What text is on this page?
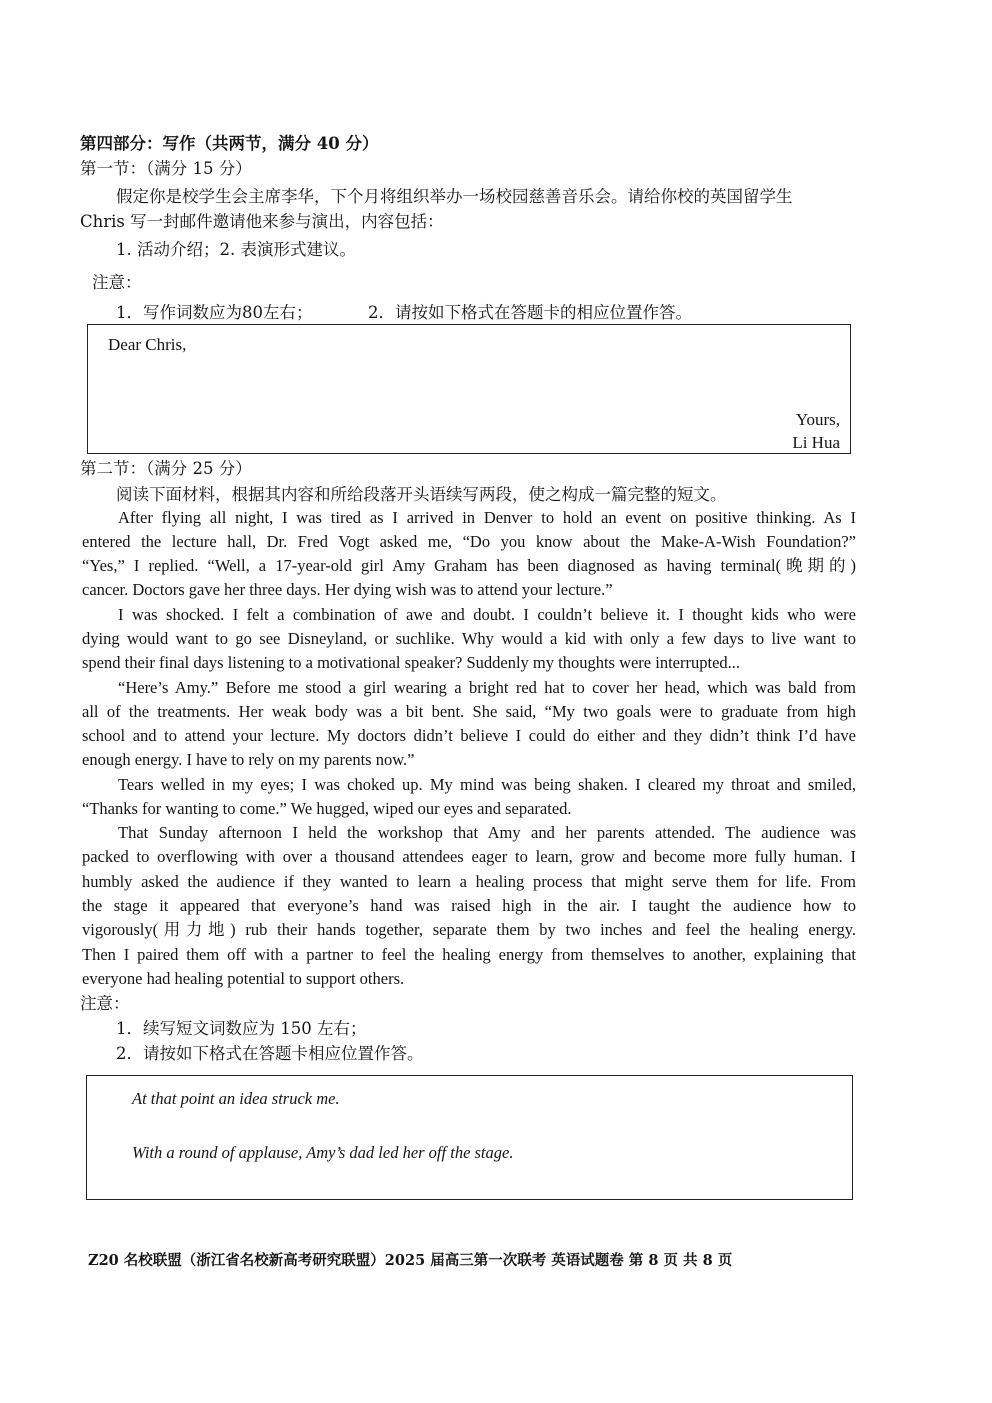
第四部分：写作（共两节，满分 40 分）
第一节：（满分 15 分）
假定你是校学生会主席李华，下个月将组织举办一场校园慈善音乐会。请给你校的英国留学生
Chris 写一封邮件邀请他来参与演出，内容包括：
1. 活动介绍；2. 表演形式建议。
注意：
1．写作词数应为80左右；	2．请按如下格式在答题卡的相应位置作答。
Dear Chris,
Yours,
Li Hua
第二节：（满分 25 分）
阅读下面材料，根据其内容和所给段落开头语续写两段，使之构成一篇完整的短文。
After flying all night, I was tired as I arrived in Denver to hold an event on positive thinking. As I
entered the lecture hall, Dr. Fred Vogt asked me, “Do you know about the Make-A-Wish Foundation?”
“Yes,” I replied. “Well, a 17-year-old girl Amy Graham has been diagnosed as having terminal(晚期的)
cancer. Doctors gave her three days. Her dying wish was to attend your lecture.”
I was shocked. I felt a combination of awe and doubt. I couldn’t believe it. I thought kids who were
dying would want to go see Disneyland, or suchlike. Why would a kid with only a few days to live want to
spend their final days listening to a motivational speaker? Suddenly my thoughts were interrupted...
“Here’s Amy.” Before me stood a girl wearing a bright red hat to cover her head, which was bald from
all of the treatments. Her weak body was a bit bent. She said, “My two goals were to graduate from high
school and to attend your lecture. My doctors didn’t believe I could do either and they didn’t think I’d have
enough energy. I have to rely on my parents now.”
Tears welled in my eyes; I was choked up. My mind was being shaken. I cleared my throat and smiled,
“Thanks for wanting to come.” We hugged, wiped our eyes and separated.
That Sunday afternoon I held the workshop that Amy and her parents attended. The audience was
packed to overflowing with over a thousand attendees eager to learn, grow and become more fully human. I
humbly asked the audience if they wanted to learn a healing process that might serve them for life. From
the stage it appeared that everyone’s hand was raised high in the air. I taught the audience how to
vigorously(用力地) rub their hands together, separate them by two inches and feel the healing energy.
Then I paired them off with a partner to feel the healing energy from themselves to another, explaining that
everyone had healing potential to support others.
注意：
1．续写短文词数应为 150 左右；
2．请按如下格式在答题卡相应位置作答。
At that point an idea struck me.
With a round of applause, Amy’s dad led her off the stage.
Z20 名校联盟（浙江省名校新高考研究联盟）2025 届高三第一次联考 英语试题卷 第 8 页 共 8 页
